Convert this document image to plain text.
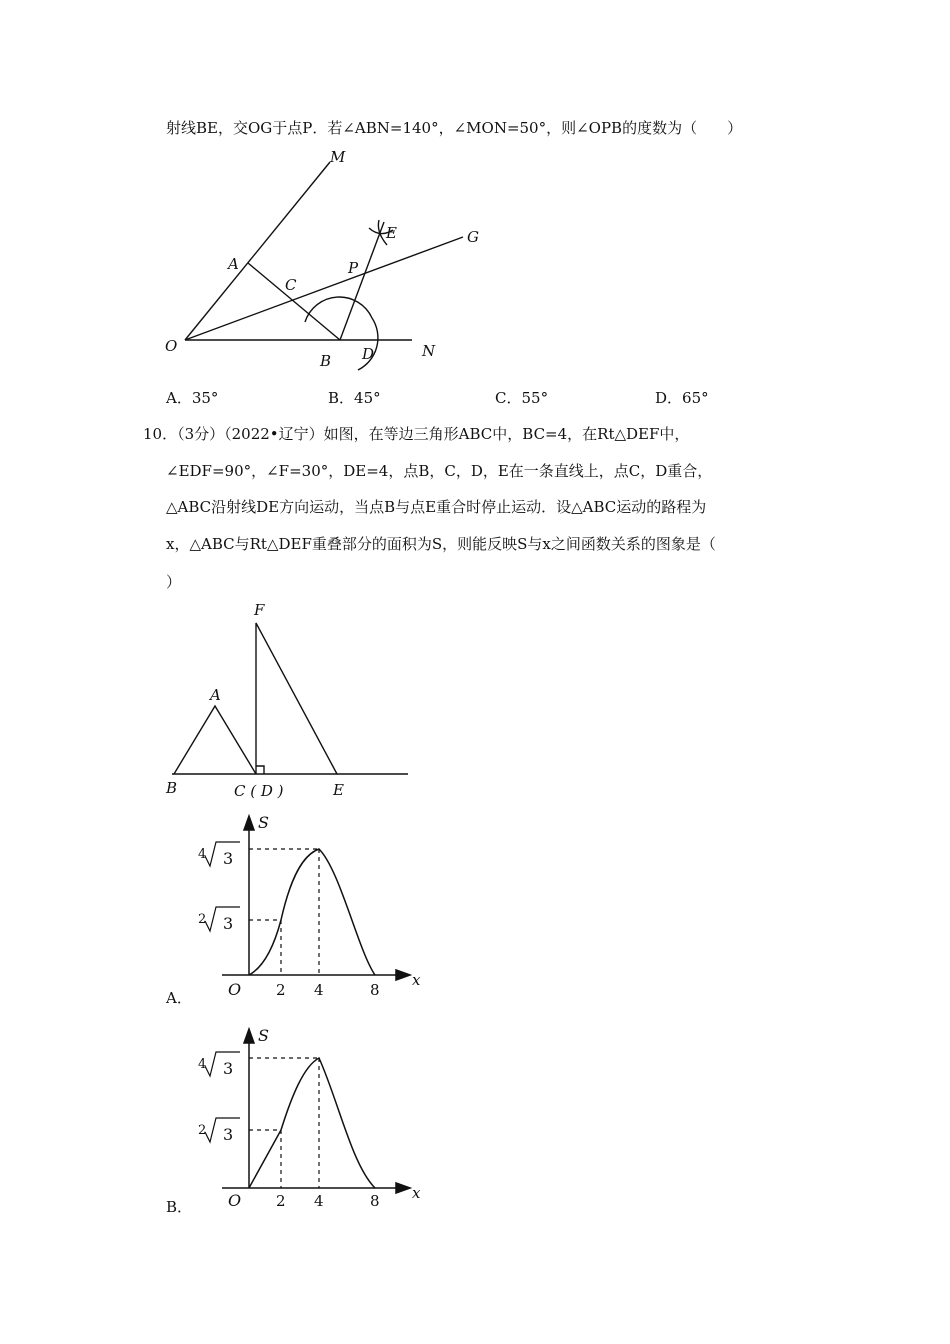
射线BE，交OG于点P．若∠ABN=140°，∠MON=50°，则∠OPB的度数为（　　）
M
A
C
O
B D	N
E
P
G
A．35°	B．45°	C．55°	D．65°
10．（3分）（2022•辽宁）如图，在等边三角形ABC中，BC=4，在Rt△DEF中，
∠EDF=90°，∠F=30°，DE=4，点B，C，D，E在一条直线上，点C，D重合，
△ABC沿射线DE方向运动，当点B与点E重合时停止运动．设△ABC运动的路程为
x，△ABC与Rt△DEF重叠部分的面积为S，则能反映S与x之间函数关系的图象是（
）
F
A
B	C ( D )	E
S
x
O 2 4	8
4 3
2 3
A．
S
x
O 2 4	8
4 3
2 3
B．
